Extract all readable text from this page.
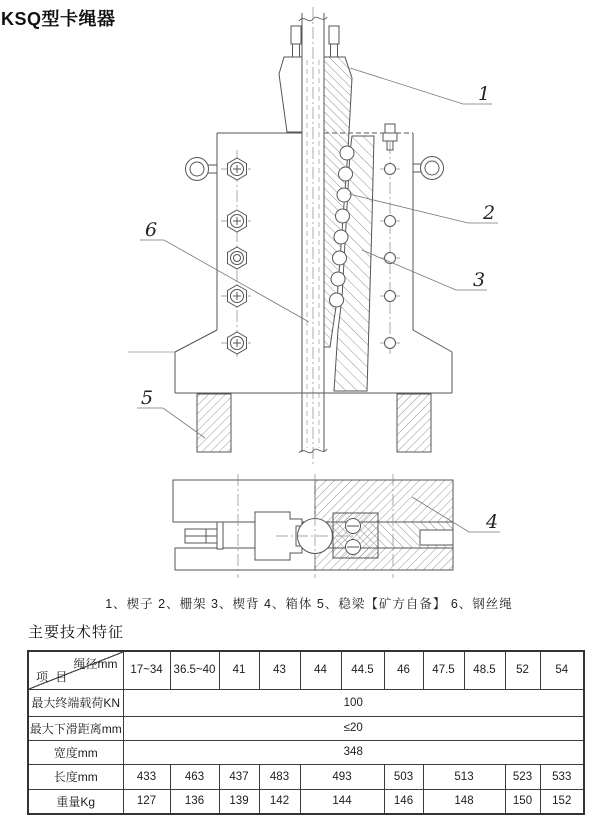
KSQ型卡绳器
1
2
3
4
5
6
1、楔子 2、栅架 3、楔背 4、箱体 5、稳梁【矿方自备】 6、钢丝绳
主要技术特征
绳径mm
项 目	17~34	36.5~40	41	43	44	44.5	46	47.5	48.5	52	54
最大终端载荷KN	100										
最大下滑距离mm	≤20										
宽度mm	348										
长度mm	433	463	437	483	493		503	513		523	533
重量Kg	127	136	139	142	144		146	148		150	152
